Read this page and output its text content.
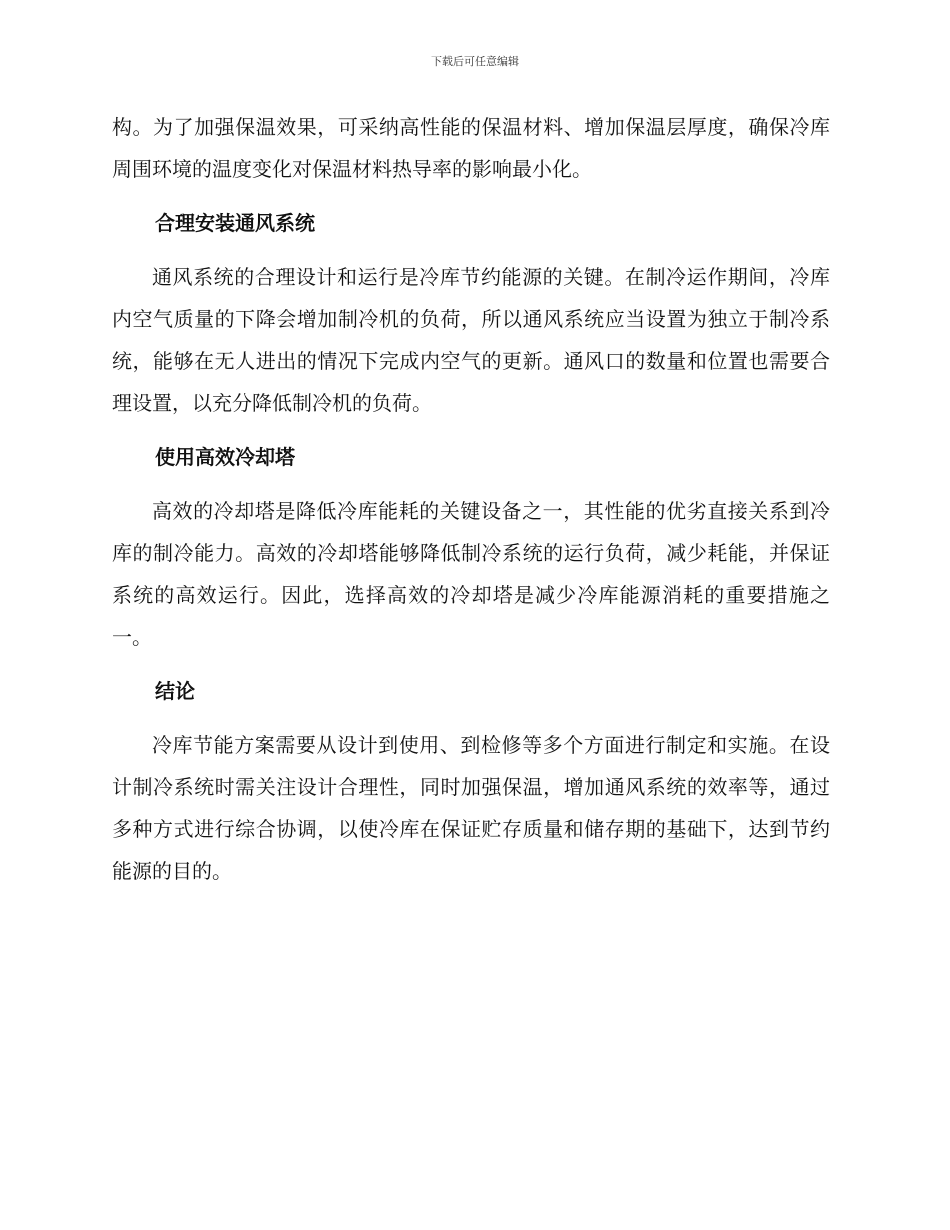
下载后可任意编辑

构。为了加强保温效果，可采纳高性能的保温材料、增加保温层厚度，确保冷库周围环境的温度变化对保温材料热导率的影响最小化。

合理安装通风系统

通风系统的合理设计和运行是冷库节约能源的关键。在制冷运作期间，冷库内空气质量的下降会增加制冷机的负荷，所以通风系统应当设置为独立于制冷系统，能够在无人进出的情况下完成内空气的更新。通风口的数量和位置也需要合理设置，以充分降低制冷机的负荷。

使用高效冷却塔

高效的冷却塔是降低冷库能耗的关键设备之一，其性能的优劣直接关系到冷库的制冷能力。高效的冷却塔能够降低制冷系统的运行负荷，减少耗能，并保证系统的高效运行。因此，选择高效的冷却塔是减少冷库能源消耗的重要措施之一。

结论

冷库节能方案需要从设计到使用、到检修等多个方面进行制定和实施。在设计制冷系统时需关注设计合理性，同时加强保温，增加通风系统的效率等，通过多种方式进行综合协调，以使冷库在保证贮存质量和储存期的基础下，达到节约能源的目的。
